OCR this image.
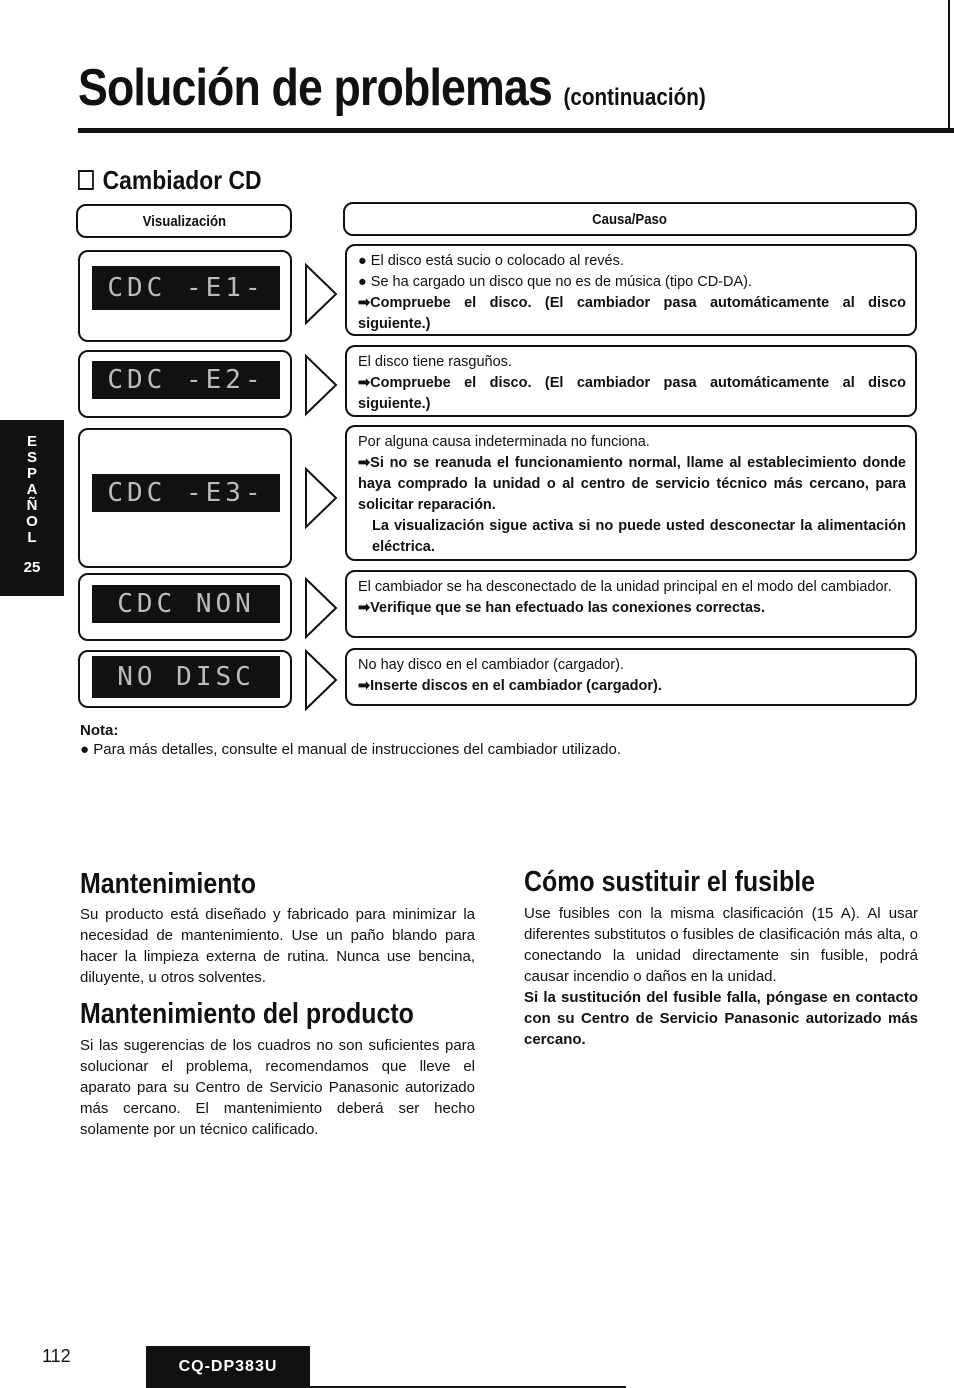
Solución de problemas (continuación)
Cambiador CD
Visualización	Causa/Paso
E
S
P
A
Ñ
O
L
25
CDC -E1-

● El disco está sucio o colocado al revés.

● Se ha cargado un disco que no es de música (tipo CD-DA).

➡Compruebe el disco. (El cambiador pasa automáticamente al disco siguiente.)

CDC -E2-

El disco tiene rasguños.

➡Compruebe el disco. (El cambiador pasa automáticamente al disco siguiente.)

CDC -E3-

Por alguna causa indeterminada no funciona.

➡Si no se reanuda el funcionamiento normal, llame al establecimiento donde haya comprado la unidad o al centro de servicio técnico más cercano, para solicitar reparación.

La visualización sigue activa si no puede usted desconectar la alimentación eléctrica.

CDC NON

El cambiador se ha desconectado de la unidad principal en el modo del cambiador.

➡Verifique que se han efectuado las conexiones correctas.

NO DISC	No hay disco en el cambiador (cargador).

➡Inserte discos en el cambiador (cargador).

Nota:
● Para más detalles, consulte el manual de instrucciones del cambiador utilizado.
Mantenimiento
Su producto está diseñado y fabricado para minimizar la necesidad de mantenimiento. Use un paño blando para hacer la limpieza externa de rutina. Nunca use bencina, diluyente, u otros solventes.
Mantenimiento del producto
Si las sugerencias de los cuadros no son suficientes para solucionar el problema, recomendamos que lleve el aparato para su Centro de Servicio Panasonic autorizado más cercano. El mantenimiento deberá ser hecho solamente por un técnico calificado.
Cómo sustituir el fusible
Use fusibles con la misma clasificación (15 A). Al usar diferentes substitutos o fusibles de clasificación más alta, o conectando la unidad directamente sin fusible, podrá causar incendio o daños en la unidad.
Si la sustitución del fusible falla, póngase en contacto con su Centro de Servicio Panasonic autorizado más cercano.
112
CQ-DP383U
